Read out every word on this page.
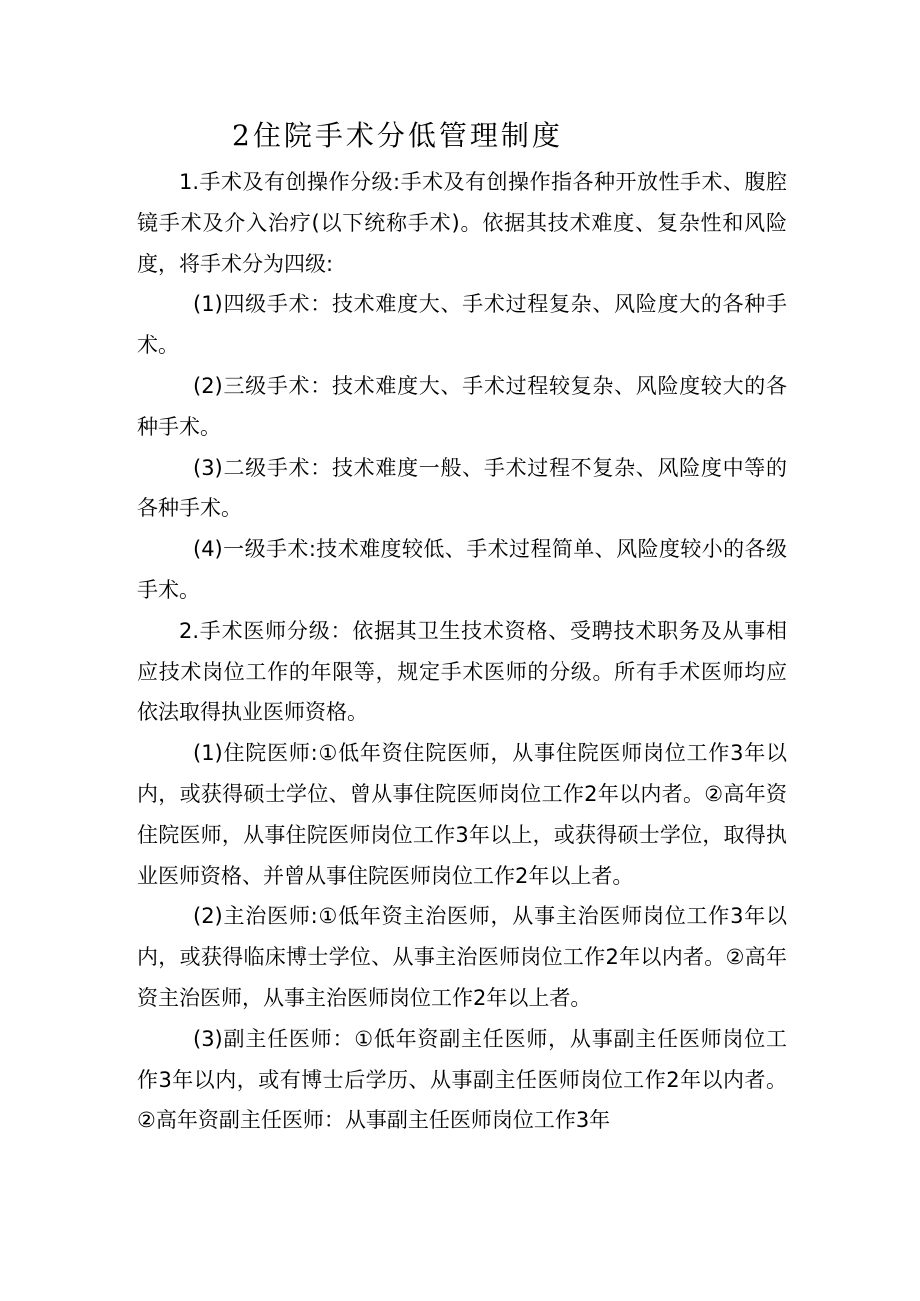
2住院手术分低管理制度

1.手术及有创操作分级:手术及有创操作指各种开放性手术、腹腔镜手术及介入治疗(以下统称手术)。依据其技术难度、复杂性和风险度，将手术分为四级:

(1)四级手术：技术难度大、手术过程复杂、风险度大的各种手术。

(2)三级手术：技术难度大、手术过程较复杂、风险度较大的各种手术。

(3)二级手术：技术难度一般、手术过程不复杂、风险度中等的各种手术。

(4)一级手术:技术难度较低、手术过程简单、风险度较小的各级手术。

2.手术医师分级：依据其卫生技术资格、受聘技术职务及从事相应技术岗位工作的年限等，规定手术医师的分级。所有手术医师均应依法取得执业医师资格。

(1)住院医师:①低年资住院医师，从事住院医师岗位工作3年以内，或获得硕士学位、曾从事住院医师岗位工作2年以内者。②高年资住院医师，从事住院医师岗位工作3年以上，或获得硕士学位，取得执业医师资格、并曾从事住院医师岗位工作2年以上者。

(2)主治医师:①低年资主治医师，从事主治医师岗位工作3年以内，或获得临床博士学位、从事主治医师岗位工作2年以内者。②高年资主治医师，从事主治医师岗位工作2年以上者。

(3)副主任医师：①低年资副主任医师，从事副主任医师岗位工作3年以内，或有博士后学历、从事副主任医师岗位工作2年以内者。②高年资副主任医师：从事副主任医师岗位工作3年
